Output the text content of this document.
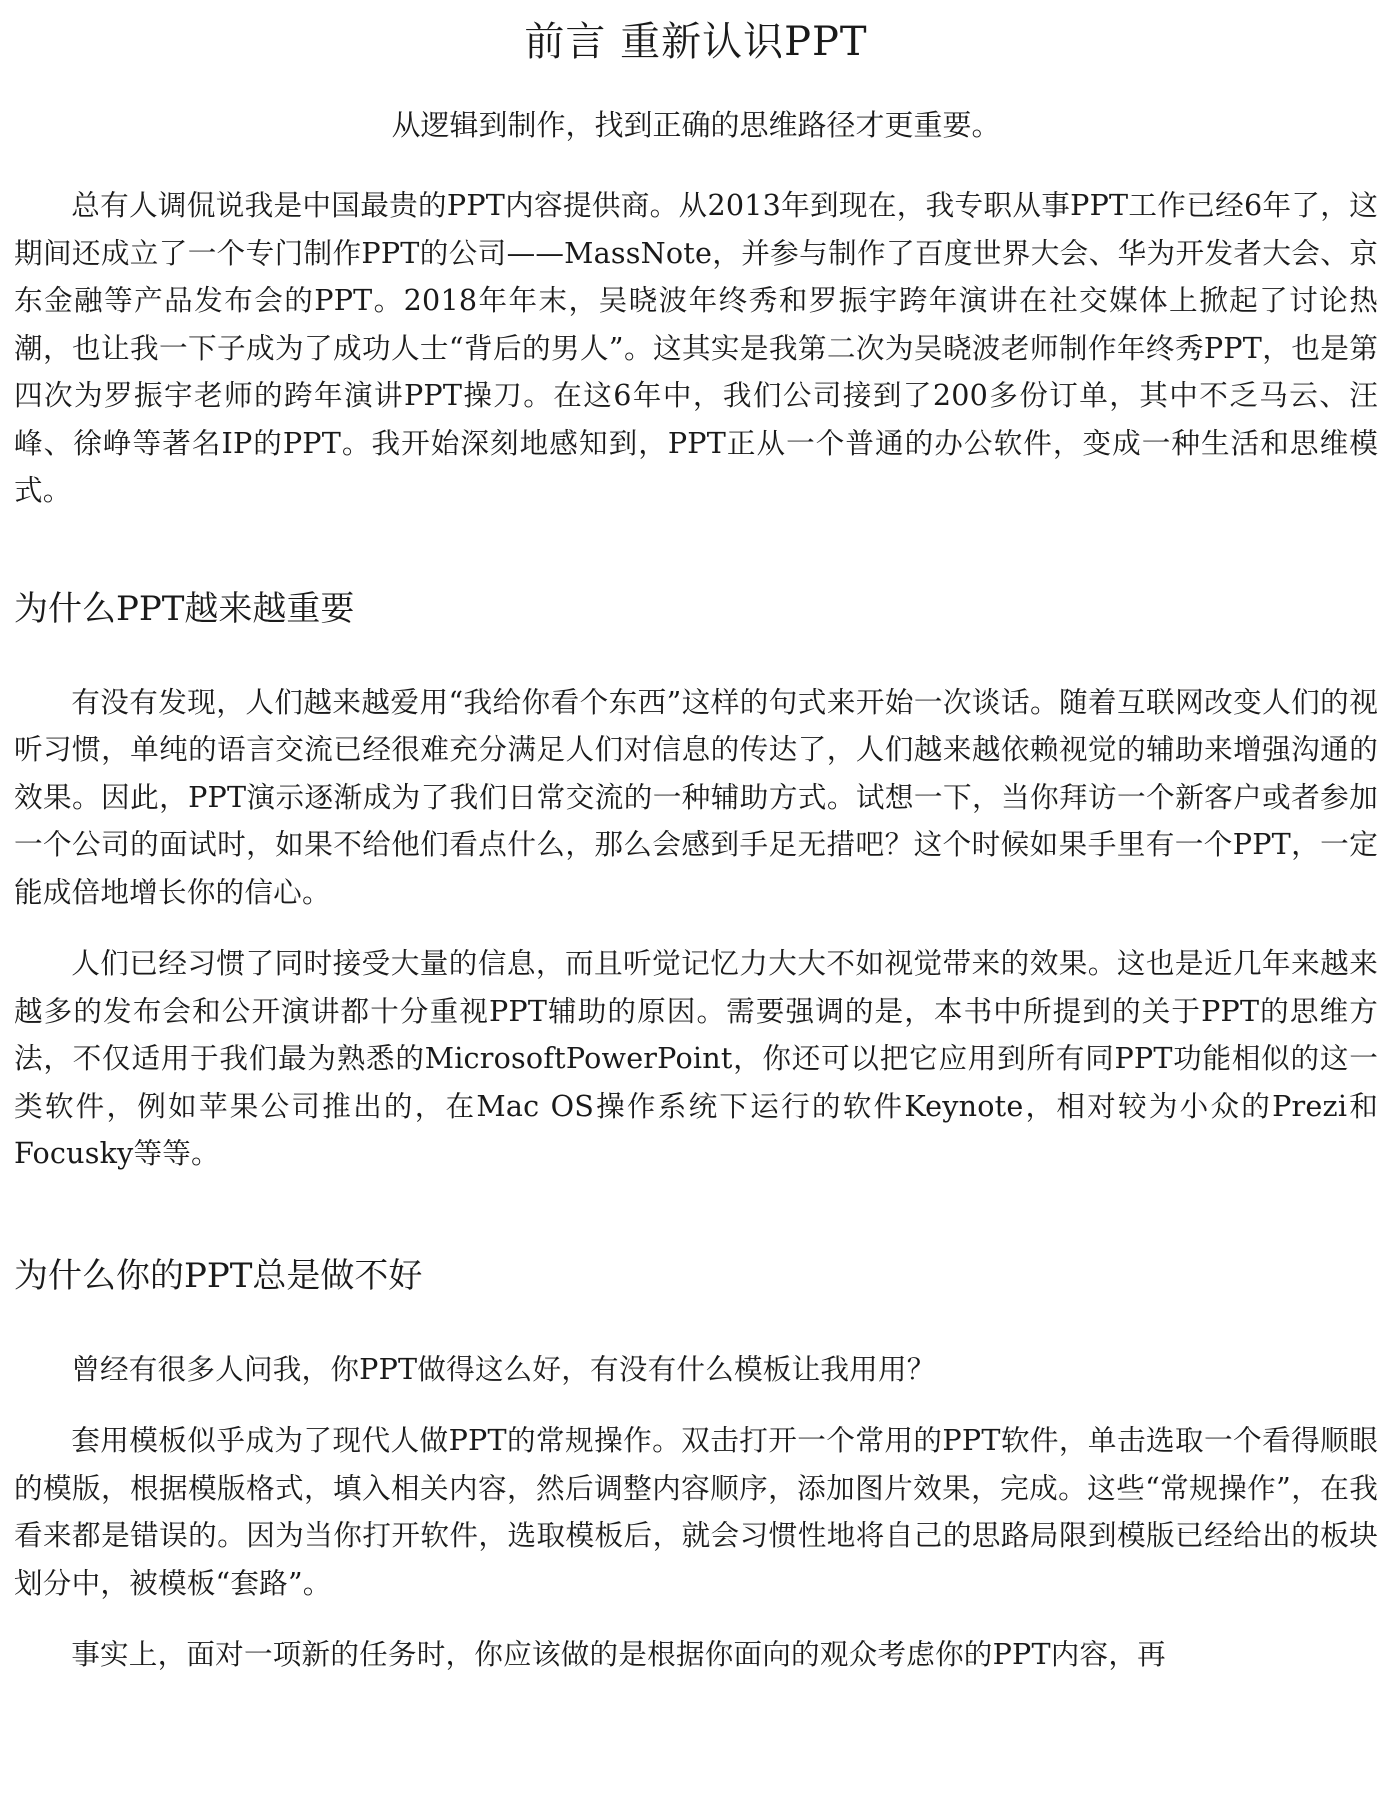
前言 重新认识PPT

从逻辑到制作，找到正确的思维路径才更重要。

总有人调侃说我是中国最贵的PPT内容提供商。从2013年到现在，我专职从事PPT工作已经6年了，这期间还成立了一个专门制作PPT的公司——MassNote，并参与制作了百度世界大会、华为开发者大会、京东金融等产品发布会的PPT。2018年年末，吴晓波年终秀和罗振宇跨年演讲在社交媒体上掀起了讨论热潮，也让我一下子成为了成功人士“背后的男人”。这其实是我第二次为吴晓波老师制作年终秀PPT，也是第四次为罗振宇老师的跨年演讲PPT操刀。在这6年中，我们公司接到了200多份订单，其中不乏马云、汪峰、徐峥等著名IP的PPT。我开始深刻地感知到，PPT正从一个普通的办公软件，变成一种生活和思维模式。

为什么PPT越来越重要

有没有发现，人们越来越爱用“我给你看个东西”这样的句式来开始一次谈话。随着互联网改变人们的视听习惯，单纯的语言交流已经很难充分满足人们对信息的传达了，人们越来越依赖视觉的辅助来增强沟通的效果。因此，PPT演示逐渐成为了我们日常交流的一种辅助方式。试想一下，当你拜访一个新客户或者参加一个公司的面试时，如果不给他们看点什么，那么会感到手足无措吧？这个时候如果手里有一个PPT，一定能成倍地增长你的信心。

人们已经习惯了同时接受大量的信息，而且听觉记忆力大大不如视觉带来的效果。这也是近几年来越来越多的发布会和公开演讲都十分重视PPT辅助的原因。需要强调的是，本书中所提到的关于PPT的思维方法，不仅适用于我们最为熟悉的MicrosoftPowerPoint，你还可以把它应用到所有同PPT功能相似的这一类软件，例如苹果公司推出的，在Mac OS操作系统下运行的软件Keynote，相对较为小众的Prezi和Focusky等等。

为什么你的PPT总是做不好

曾经有很多人问我，你PPT做得这么好，有没有什么模板让我用用？

套用模板似乎成为了现代人做PPT的常规操作。双击打开一个常用的PPT软件，单击选取一个看得顺眼的模版，根据模版格式，填入相关内容，然后调整内容顺序，添加图片效果，完成。这些“常规操作”，在我看来都是错误的。因为当你打开软件，选取模板后，就会习惯性地将自己的思路局限到模版已经给出的板块划分中，被模板“套路”。

事实上，面对一项新的任务时，你应该做的是根据你面向的观众考虑你的PPT内容，再
